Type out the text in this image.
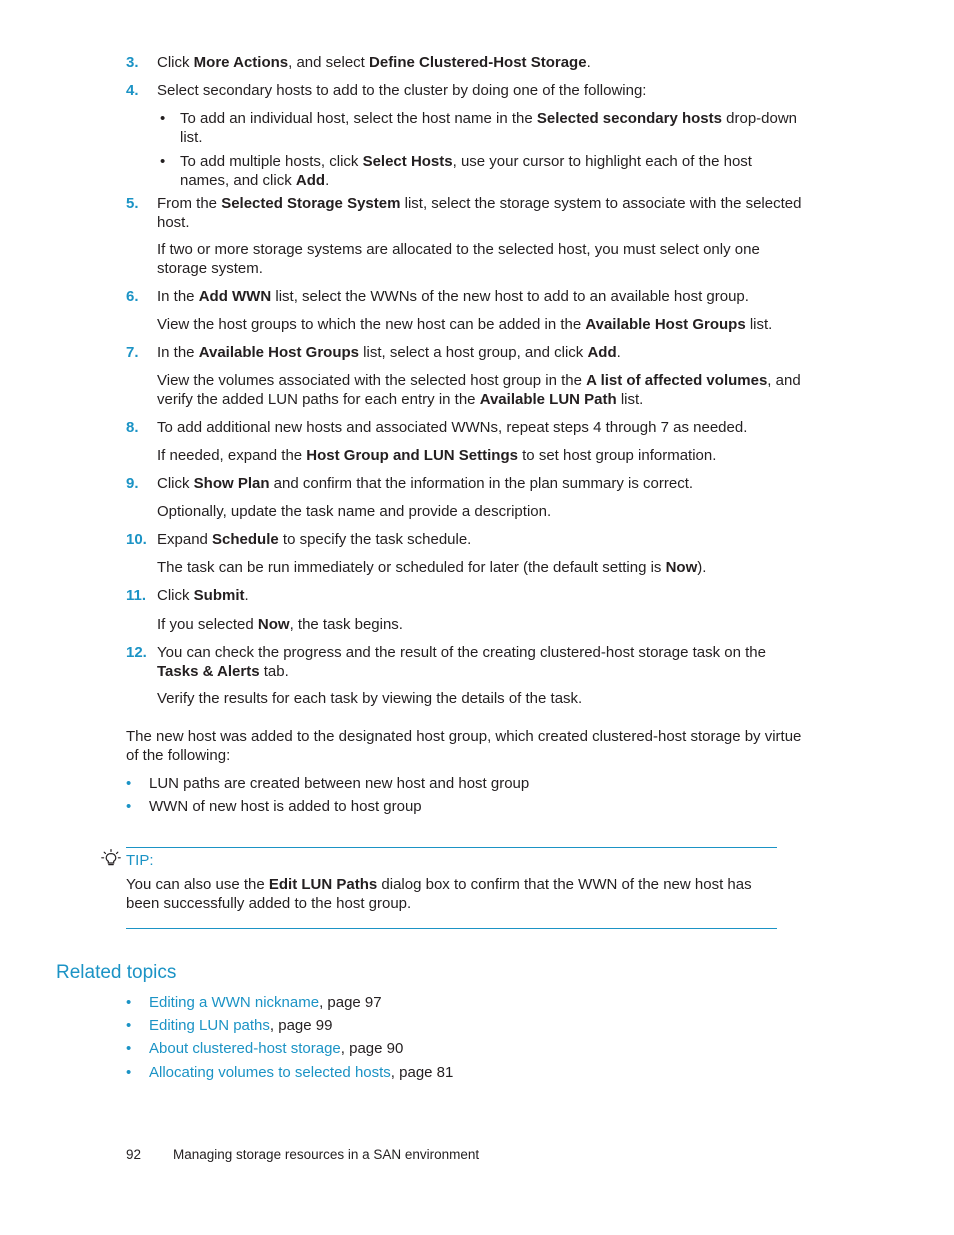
3. Click More Actions, and select Define Clustered-Host Storage.
4. Select secondary hosts to add to the cluster by doing one of the following:
• To add an individual host, select the host name in the Selected secondary hosts drop-down list.
• To add multiple hosts, click Select Hosts, use your cursor to highlight each of the host names, and click Add.
5. From the Selected Storage System list, select the storage system to associate with the selected host.
If two or more storage systems are allocated to the selected host, you must select only one storage system.
6. In the Add WWN list, select the WWNs of the new host to add to an available host group.
View the host groups to which the new host can be added in the Available Host Groups list.
7. In the Available Host Groups list, select a host group, and click Add.
View the volumes associated with the selected host group in the A list of affected volumes, and verify the added LUN paths for each entry in the Available LUN Path list.
8. To add additional new hosts and associated WWNs, repeat steps 4 through 7 as needed.
If needed, expand the Host Group and LUN Settings to set host group information.
9. Click Show Plan and confirm that the information in the plan summary is correct.
Optionally, update the task name and provide a description.
10. Expand Schedule to specify the task schedule.
The task can be run immediately or scheduled for later (the default setting is Now).
11. Click Submit.
If you selected Now, the task begins.
12. You can check the progress and the result of the creating clustered-host storage task on the Tasks & Alerts tab.
Verify the results for each task by viewing the details of the task.
The new host was added to the designated host group, which created clustered-host storage by virtue of the following:
• LUN paths are created between new host and host group
• WWN of new host is added to host group
TIP:
You can also use the Edit LUN Paths dialog box to confirm that the WWN of the new host has been successfully added to the host group.
Related topics
• Editing a WWN nickname, page 97
• Editing LUN paths, page 99
• About clustered-host storage, page 90
• Allocating volumes to selected hosts, page 81
92 Managing storage resources in a SAN environment
